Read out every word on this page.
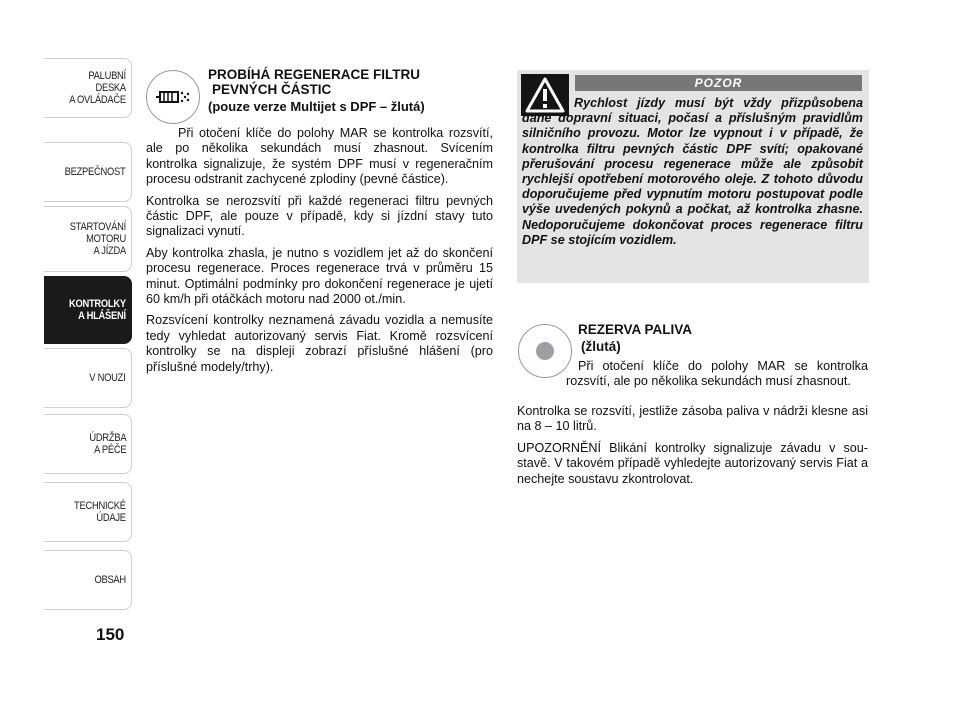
PALUBNÍ DESKA
A OVLÁDAČE
BEZPEČNOST
STARTOVÁNÍ
MOTORU
A JÍZDA
KONTROLKY
A HLÁŠENÍ
V NOUZI
ÚDRŽBA
A PÉČE
TECHNICKÉ
ÚDAJE
OBSAH
150
PROBÍHÁ REGENERACE FILTRU
PEVNÝCH ČÁSTIC
(pouze verze Multijet s DPF – žlutá)

Při otočení klíče do polohy MAR se kontrolka rozsvítí, ale po několika sekundách musí zhasnout. Svícením kontrolka signalizuje, že systém DPF musí v regeneračním procesu odstranit zachycené zplodiny (pevné částice).

Kontrolka se nerozsvítí při každé regeneraci filtru pevných částic DPF, ale pouze v případě, kdy si jízdní stavy tuto signalizaci vynutí.

Aby kontrolka zhasla, je nutno s vozidlem jet až do skončení procesu regenerace. Proces regenerace trvá v průměru 15 minut. Optimální podmínky pro dokončení regenerace je ujetí 60 km/h při otáčkách motoru nad 2000 ot./min.

Rozsvícení kontrolky neznamená závadu vozidla a nemusíte tedy vyhledat autorizovaný servis Fiat. Kromě rozsvícení kontrolky se na displeji zobrazí příslušné hlášení (pro příslušné modely/trhy).

POZOR
Rychlost jízdy musí být vždy přizpůsobena dané dopravní situaci, počasí a příslušným pravidlům silničního provozu. Motor lze vypnout i v případě, že kontrolka filtru pevných částic DPF svítí; opakované přerušování procesu regenerace může ale způsobit rychlejší opotřebení motorového oleje. Z tohoto důvodu doporučujeme před vypnutím motoru postupovat podle výše uvedených pokynů a počkat, až kontrolka zhasne. Nedoporučujeme dokončovat proces regenerace filtru DPF se stojícím vozidlem.
REZERVA PALIVA
(žlutá)
Při otočení klíče do polohy MAR se kontrolka rozsvítí, ale po několika sekundách musí zhasnout.

Kontrolka se rozsvítí, jestliže zásoba paliva v nádrži klesne asi na 8 – 10 litrů.

UPOZORNĚNÍ Blikání kontrolky signalizuje závadu v soustavě. V takovém případě vyhledejte autorizovaný servis Fiat a nechejte soustavu zkontrolovat.
